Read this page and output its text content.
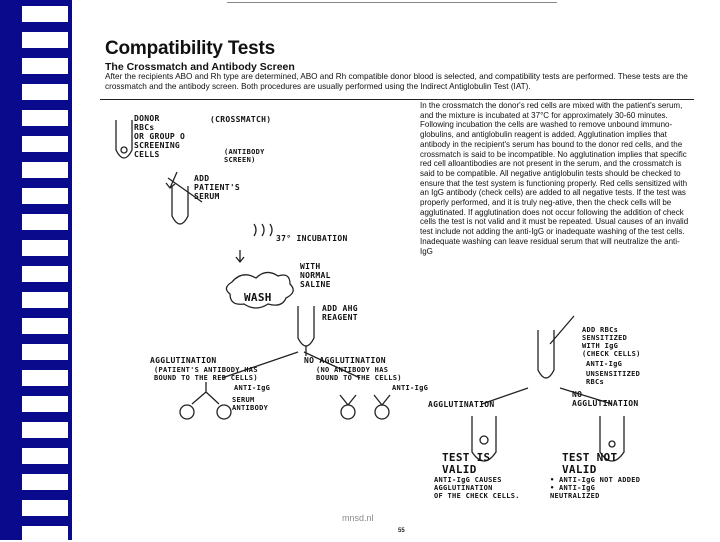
Compatibility Tests
The Crossmatch and Antibody Screen
After the recipients ABO and Rh type are determined, ABO and Rh compatible donor blood is selected, and compatibility tests are performed. These tests are the crossmatch and the antibody screen. Both procedures are usually performed using the Indirect Antiglobulin Test (IAT).
In the crossmatch the donor's red cells are mixed with the patient's serum, and the mixture is incubated at 37°C for approximately 30-60 minutes. Following incubation the cells are washed to remove unbound immuno-globulins, and antiglobulin reagent is added. Agglutination implies that antibody in the recipient's serum has bound to the donor red cells, and the crossmatch is said to be incompatible. No agglutination implies that specific red cell alloantibodies are not present in the serum, and the crossmatch is said to be compatible. All negative antiglobulin tests should be checked to ensure that the test system is functioning properly. Red cells sensitized with an IgG antibody (check cells) are added to all negative tests. If the test was properly performed, and it is truly neg-ative, then the check cells will be agglutinated. If agglutination does not occur following the addition of check cells the test is not valid and it must be repeated. Usual causes of an invalid test include not adding the anti-IgG or inadequate washing of the test cells. Inadequate washing can leave residual serum that will neutralize the anti-IgG
DONOR
RBCs
OR GROUP O
SCREENING
CELLS
(CROSSMATCH)
(ANTIBODY
SCREEN)
ADD
PATIENT'S
SERUM
37° INCUBATION
WASH
WITH
NORMAL
SALINE
ADD AHG
REAGENT
AGGLUTINATION
(PATIENT'S ANTIBODY HAS
BOUND TO THE RED CELLS)
NO AGGLUTINATION
(NO ANTIBODY HAS
BOUND TO THE CELLS)
ANTI-IgG
SERUM
ANTIBODY
ANTI-IgG
ADD RBCs
SENSITIZED
WITH IgG
(CHECK CELLS)
ANTI-IgG
UNSENSITIZED
RBCs
AGGLUTINATION
NO
AGGLUTINATION
TEST IS
VALID
TEST NOT
VALID
ANTI-IgG CAUSES
AGGLUTINATION
OF THE CHECK CELLS.
• ANTI-IgG NOT ADDED
• ANTI-IgG
NEUTRALIZED
mnsd.nl
55
